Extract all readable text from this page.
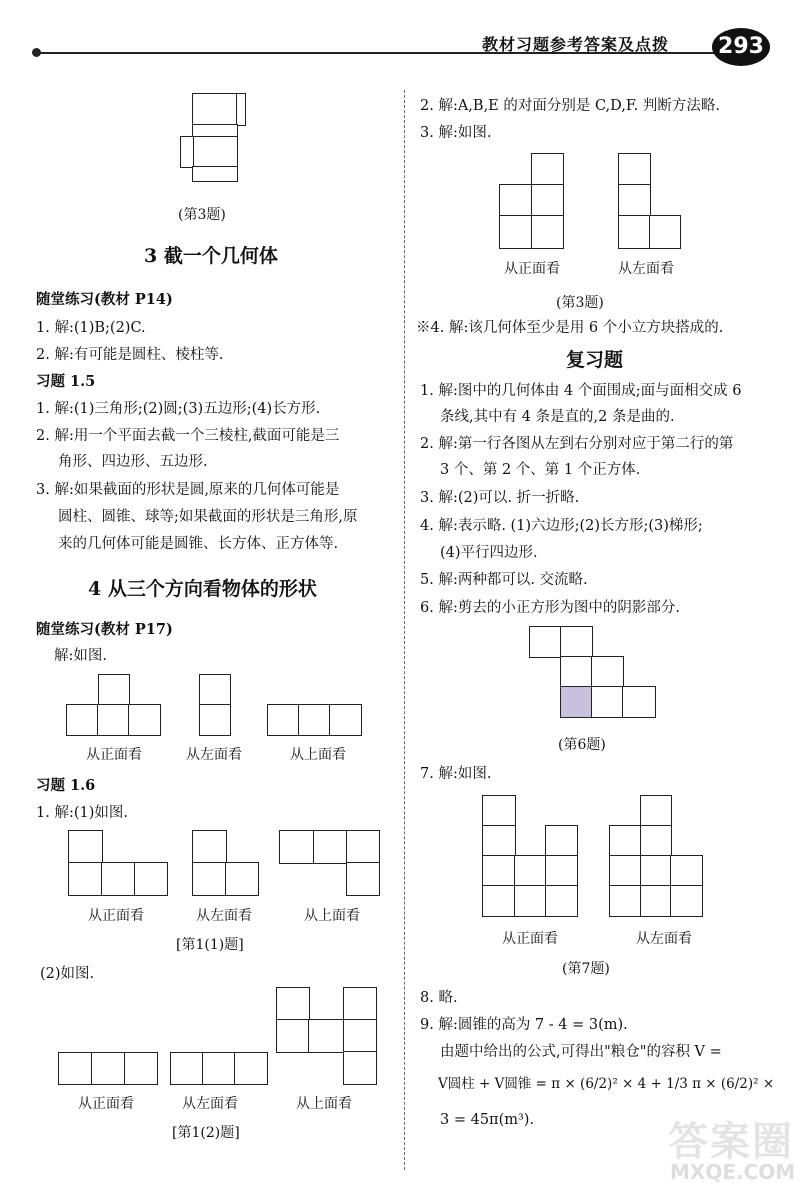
教材习题参考答案及点拨 293
(第3题)
3 截一个几何体
随堂练习(教材 P14)
1. 解:(1)B;(2)C.
2. 解:有可能是圆柱、棱柱等.
习题 1.5
1. 解:(1)三角形;(2)圆;(3)五边形;(4)长方形.
2. 解:用一个平面去截一个三棱柱,截面可能是三
角形、四边形、五边形.
3. 解:如果截面的形状是圆,原来的几何体可能是
圆柱、圆锥、球等;如果截面的形状是三角形,原
来的几何体可能是圆锥、长方体、正方体等.
4 从三个方向看物体的形状
随堂练习(教材 P17)
解:如图.
从正面看	从左面看	从上面看
习题 1.6
1. 解:(1)如图.
从正面看	从左面看	从上面看
[第1(1)题]
(2)如图.
从正面看	从左面看	从上面看
[第1(2)题]
2. 解:A,B,E 的对面分别是 C,D,F. 判断方法略.
3. 解:如图.
从正面看	从左面看
(第3题)
※4. 解:该几何体至少是用 6 个小立方块搭成的.
复习题
1. 解:图中的几何体由 4 个面围成;面与面相交成 6
条线,其中有 4 条是直的,2 条是曲的.
2. 解:第一行各图从左到右分别对应于第二行的第
3 个、第 2 个、第 1 个正方体.
3. 解:(2)可以. 折一折略.
4. 解:表示略. (1)六边形;(2)长方形;(3)梯形;
(4)平行四边形.
5. 解:两种都可以. 交流略.
6. 解:剪去的小正方形为图中的阴影部分.
(第6题)
7. 解:如图.
从正面看	从左面看
(第7题)
8. 略.
9. 解:圆锥的高为 7 - 4 = 3(m).
由题中给出的公式,可得出"粮仓"的容积 V =
V圆柱 + V圆锥 = π × (6/2)² × 4 + 1/3 π × (6/2)² ×
3 = 45π(m³).	答案圈
MXQE.COM
